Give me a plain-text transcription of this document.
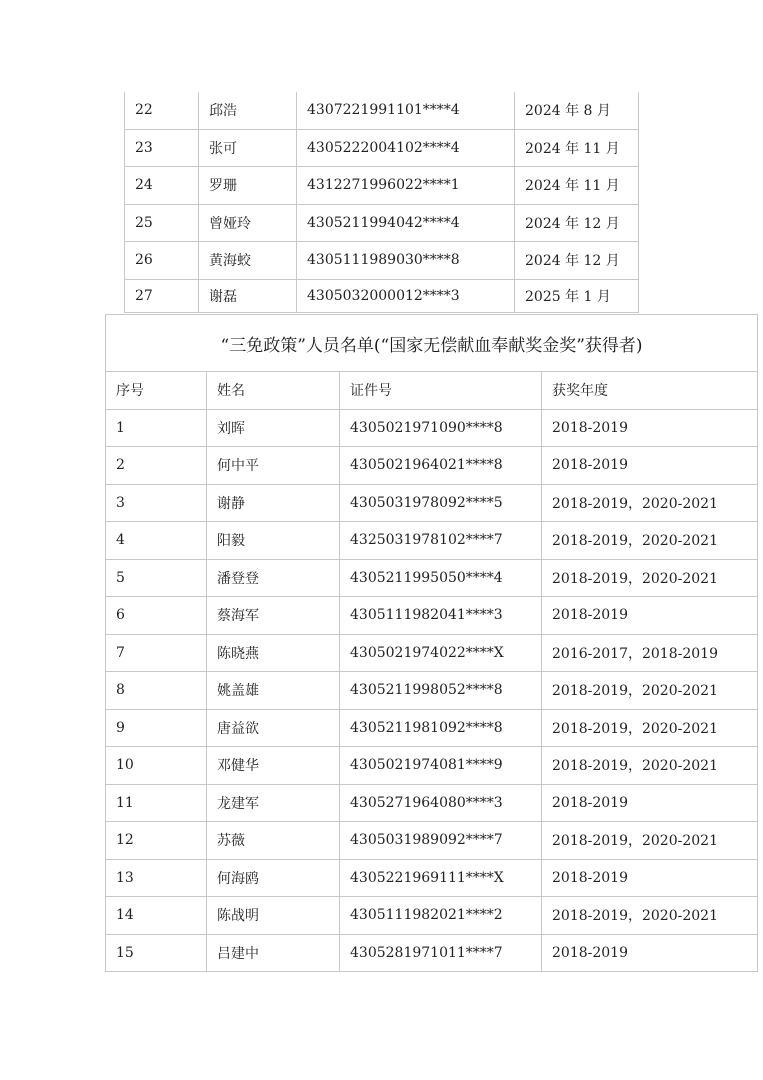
22	邱浩	4307221991101****4	2024 年 8 月
23	张可	4305222004102****4	2024 年 11 月
24	罗珊	4312271996022****1	2024 年 11 月
25	曾娅玲	4305211994042****4	2024 年 12 月
26	黄海蛟	4305111989030****8	2024 年 12 月
27	谢磊	4305032000012****3	2025 年 1 月
“三免政策”人员名单(“国家无偿献血奉献奖金奖”获得者)			
序号	姓名	证件号	获奖年度
1	刘晖	4305021971090****8	2018-2019
2	何中平	4305021964021****8	2018-2019
3	谢静	4305031978092****5	2018-2019，2020-2021
4	阳毅	4325031978102****7	2018-2019，2020-2021
5	潘登登	4305211995050****4	2018-2019，2020-2021
6	蔡海军	4305111982041****3	2018-2019
7	陈晓燕	4305021974022****X	2016-2017，2018-2019
8	姚盖雄	4305211998052****8	2018-2019，2020-2021
9	唐益欲	4305211981092****8	2018-2019，2020-2021
10	邓健华	4305021974081****9	2018-2019，2020-2021
11	龙建军	4305271964080****3	2018-2019
12	苏薇	4305031989092****7	2018-2019，2020-2021
13	何海鸥	4305221969111****X	2018-2019
14	陈战明	4305111982021****2	2018-2019，2020-2021
15	吕建中	4305281971011****7	2018-2019
